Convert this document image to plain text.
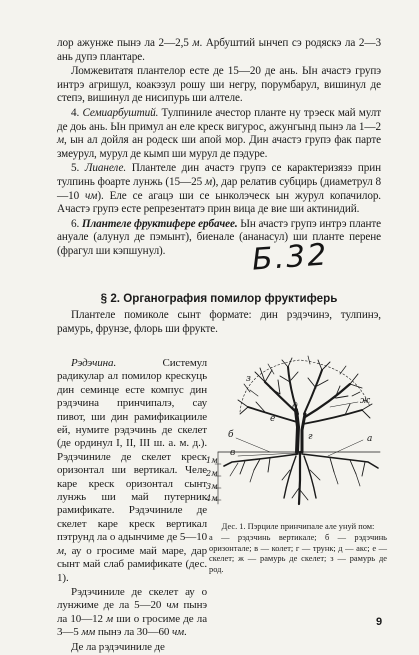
лор ажунже пынэ ла 2—2,5 м. Арбуштий ынчеп сэ родяскэ ла 2—3 ань дупэ плантаре.

Ломжевитатя плантелор есте де 15—20 де ань. Ын ачастэ групэ интрэ агришул, коакэзул рошу ши негру, порумбарул, вишинул де степэ, вишинул де нисипурь ши алтеле.

4. Семиарбуштий. Тулпиниле ачестор планте ну трэеск май мулт де доь ань. Ын примул ан еле креск вигурос, ажунгынд пынэ ла 1—2 м, ын ал дойля ан родеск ши апой мор. Дин ачастэ групэ фак парте змеурул, мурул де кымп ши мурул де пэдуре.

5. Лианеле. Плантеле дин ачастэ групэ се карактеризязэ прин тулпинь фоарте лунжь (15—25 м), дар релатив субцирь (диаметрул 8—10 чм). Еле се агацэ ши се ынколэческ ын журул копачилор. Ачастэ групэ есте репрезентатэ прин вица де вие ши актинидий.

6. Плантеле фруктифере ербачее. Ын ачастэ групэ интрэ планте ануале (алунул де пэмынт), биенале (ананасул) ши планте перене (фрагул ши кэпшунул).	Б.32
§ 2. Органография помилор фруктиферь

Плантеле помиколе сынт формате: дин рэдэчинэ, тулпинэ, рамурь, фрунзе, флорь ши фрукте.

Рэдэчина. Системул радикулар ал помилор крескуць дин семинце есте компус дин рэдэчина принчипалэ, сау пивот, ши дин рамификацииле ей, нумите рэдэчинь де скелет (де ординул I, II, III ш. а. м. д.). Рэдэчиниле де скелет креск оризонтал ши вертикал. Челе каре креск оризонтал сынт лунжь ши май путерник рамификате. Рэдэчиниле де скелет каре креск вертикал пэтрунд ла о адынчиме де 5—10 м, ау о гросиме май маре, дар сынт май слаб рамификате (дес. 1).

Рэдэчиниле де скелет ау о лунжиме де ла 5—20 чм пынэ ла 10—12 м ши о гросиме де ла 3—5 мм пынэ ла 30—60 чм.

Де ла рэдэчиниле де

б	а
в
г
д
е
ж
з
1м
2м
3м
4м
Дес. 1. Пэрциле принчипале але унуй пом:
а — рэдэчинь вертикале; б — рэдэчинь оризонтале; в — колет; г — трунк; д — акс; е — скелет; ж — рамурь де скелет; з — рамурь де род.
9
